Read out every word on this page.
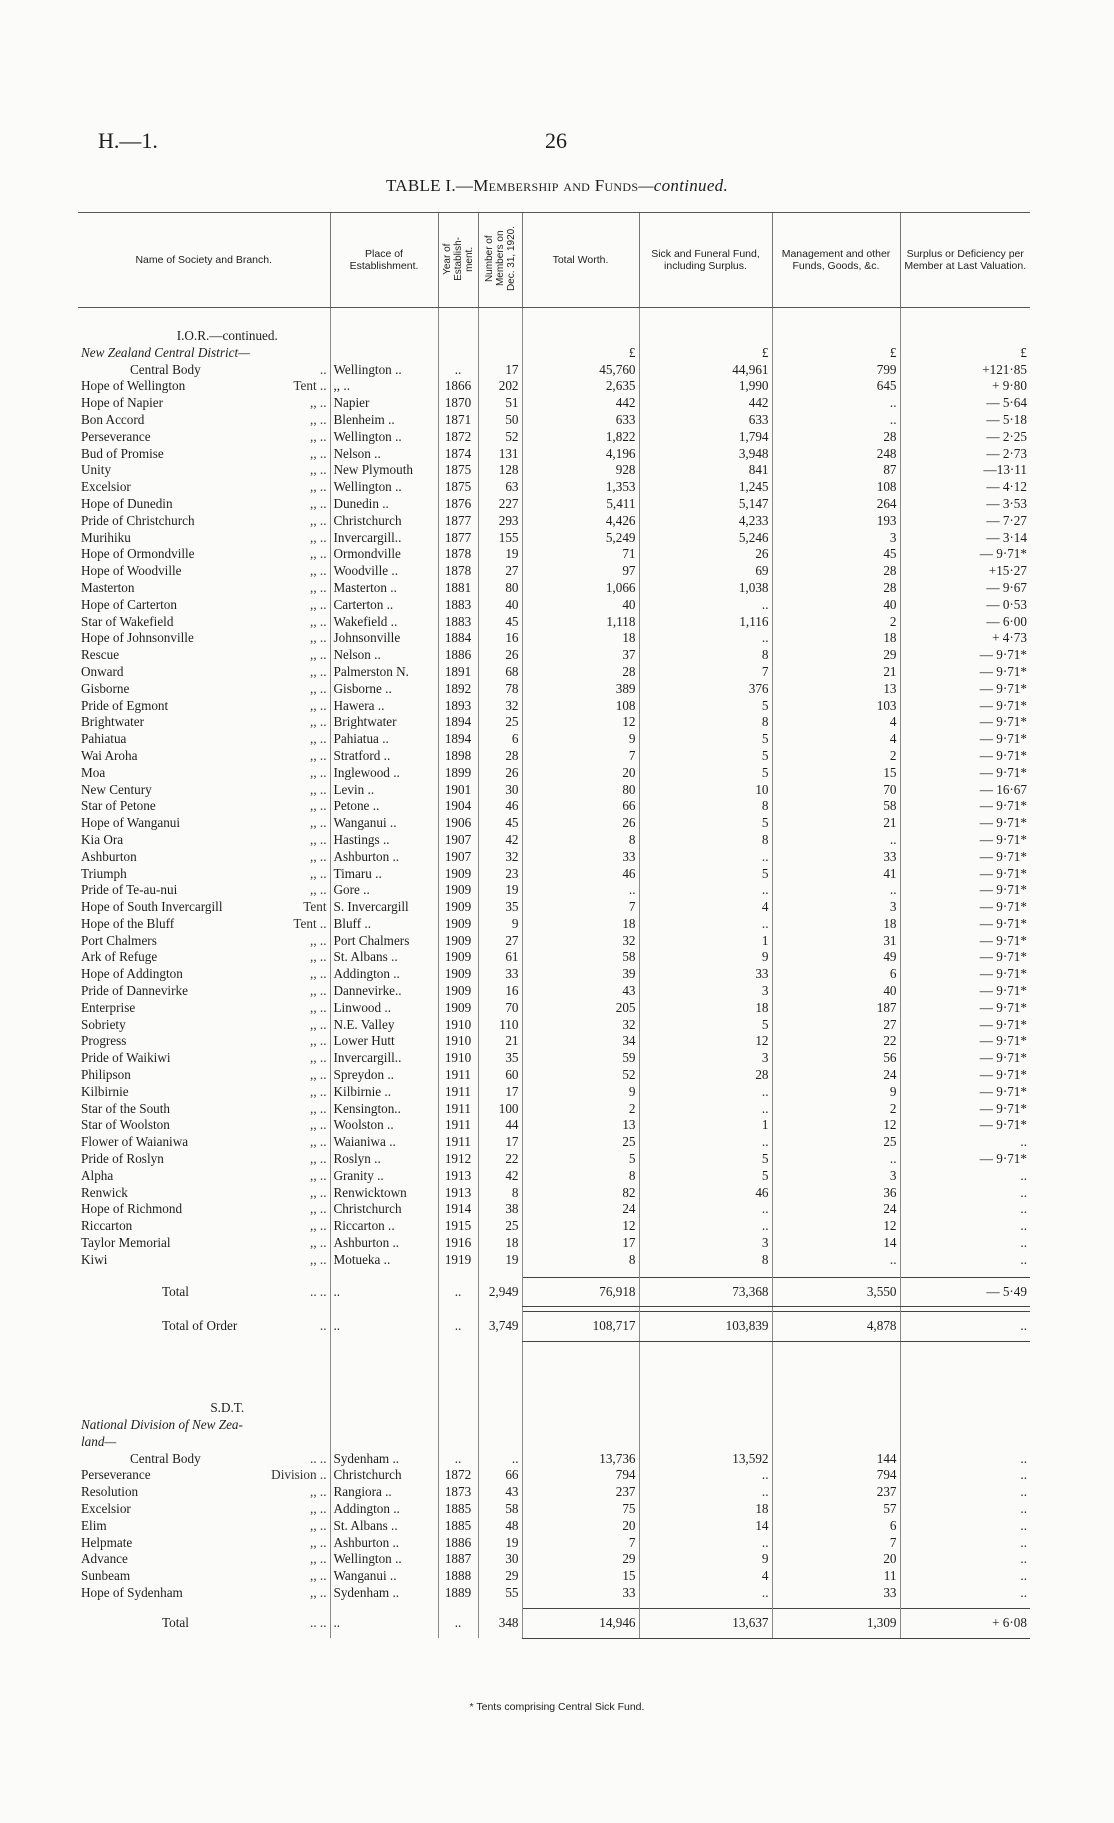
H.—1.	26
TABLE I.—Membership and Funds—continued.
Name of Society and Branch.	Place of Establishment.	Year of
Establish-
ment.	Number of
Members on
Dec. 31, 1920.	Total Worth.	Sick and Funeral Fund, including Surplus.	Management and other Funds, Goods, &c.	Surplus or Deficiency per Member at Last Valuation.

I.O.R.—continued.							
New Zealand Central District—				£	£	£	£
Central Body ..	Wellington ..	..	17	45,760	44,961	799	+121·85
Hope of Wellington Tent ..	,, ..	1866	202	2,635	1,990	645	+ 9·80
Hope of Napier ,, ..	Napier	1870	51	442	442	..	— 5·64
Bon Accord ,, ..	Blenheim ..	1871	50	633	633	..	— 5·18
Perseverance ,, ..	Wellington ..	1872	52	1,822	1,794	28	— 2·25
Bud of Promise ,, ..	Nelson ..	1874	131	4,196	3,948	248	— 2·73
Unity ,, ..	New Plymouth	1875	128	928	841	87	—13·11
Excelsior ,, ..	Wellington ..	1875	63	1,353	1,245	108	— 4·12
Hope of Dunedin ,, ..	Dunedin ..	1876	227	5,411	5,147	264	— 3·53
Pride of Christchurch ,, ..	Christchurch	1877	293	4,426	4,233	193	— 7·27
Murihiku ,, ..	Invercargill..	1877	155	5,249	5,246	3	— 3·14
Hope of Ormondville ,, ..	Ormondville	1878	19	71	26	45	— 9·71*
Hope of Woodville ,, ..	Woodville ..	1878	27	97	69	28	+15·27
Masterton ,, ..	Masterton ..	1881	80	1,066	1,038	28	— 9·67
Hope of Carterton ,, ..	Carterton ..	1883	40	40	..	40	— 0·53
Star of Wakefield ,, ..	Wakefield ..	1883	45	1,118	1,116	2	— 6·00
Hope of Johnsonville ,, ..	Johnsonville	1884	16	18	..	18	+ 4·73
Rescue ,, ..	Nelson ..	1886	26	37	8	29	— 9·71*
Onward ,, ..	Palmerston N.	1891	68	28	7	21	— 9·71*
Gisborne ,, ..	Gisborne ..	1892	78	389	376	13	— 9·71*
Pride of Egmont ,, ..	Hawera ..	1893	32	108	5	103	— 9·71*
Brightwater ,, ..	Brightwater	1894	25	12	8	4	— 9·71*
Pahiatua ,, ..	Pahiatua ..	1894	6	9	5	4	— 9·71*
Wai Aroha ,, ..	Stratford ..	1898	28	7	5	2	— 9·71*
Moa ,, ..	Inglewood ..	1899	26	20	5	15	— 9·71*
New Century ,, ..	Levin ..	1901	30	80	10	70	— 16·67
Star of Petone ,, ..	Petone ..	1904	46	66	8	58	— 9·71*
Hope of Wanganui ,, ..	Wanganui ..	1906	45	26	5	21	— 9·71*
Kia Ora ,, ..	Hastings ..	1907	42	8	8	..	— 9·71*
Ashburton ,, ..	Ashburton ..	1907	32	33	..	33	— 9·71*
Triumph ,, ..	Timaru ..	1909	23	46	5	41	— 9·71*
Pride of Te-au-nui ,, ..	Gore ..	1909	19	..	..	..	— 9·71*
Hope of South Invercargill Tent	S. Invercargill	1909	35	7	4	3	— 9·71*
Hope of the Bluff Tent ..	Bluff ..	1909	9	18	..	18	— 9·71*
Port Chalmers ,, ..	Port Chalmers	1909	27	32	1	31	— 9·71*
Ark of Refuge ,, ..	St. Albans ..	1909	61	58	9	49	— 9·71*
Hope of Addington ,, ..	Addington ..	1909	33	39	33	6	— 9·71*
Pride of Dannevirke ,, ..	Dannevirke..	1909	16	43	3	40	— 9·71*
Enterprise ,, ..	Linwood ..	1909	70	205	18	187	— 9·71*
Sobriety ,, ..	N.E. Valley	1910	110	32	5	27	— 9·71*
Progress ,, ..	Lower Hutt	1910	21	34	12	22	— 9·71*
Pride of Waikiwi ,, ..	Invercargill..	1910	35	59	3	56	— 9·71*
Philipson ,, ..	Spreydon ..	1911	60	52	28	24	— 9·71*
Kilbirnie ,, ..	Kilbirnie ..	1911	17	9	..	9	— 9·71*
Star of the South ,, ..	Kensington..	1911	100	2	..	2	— 9·71*
Star of Woolston ,, ..	Woolston ..	1911	44	13	1	12	— 9·71*
Flower of Waianiwa ,, ..	Waianiwa ..	1911	17	25	..	25	..
Pride of Roslyn ,, ..	Roslyn ..	1912	22	5	5	..	— 9·71*
Alpha ,, ..	Granity ..	1913	42	8	5	3	..
Renwick ,, ..	Renwicktown	1913	8	82	46	36	..
Hope of Richmond ,, ..	Christchurch	1914	38	24	..	24	..
Riccarton ,, ..	Riccarton ..	1915	25	12	..	12	..
Taylor Memorial ,, ..	Ashburton ..	1916	18	17	3	14	..
Kiwi ,, ..	Motueka ..	1919	19	8	8	..	..

Total .. ..	..	..	2,949	76,918	73,368	3,550	— 5·49

Total of Order ..	..	..	3,749	108,717	103,839	4,878	..

S.D.T.							
National Division of New Zea-							
land—							
Central Body .. ..	Sydenham ..	..	..	13,736	13,592	144	..
Perseverance Division ..	Christchurch	1872	66	794	..	794	..
Resolution ,, ..	Rangiora ..	1873	43	237	..	237	..
Excelsior ,, ..	Addington ..	1885	58	75	18	57	..
Elim ,, ..	St. Albans ..	1885	48	20	14	6	..
Helpmate ,, ..	Ashburton ..	1886	19	7	..	7	..
Advance ,, ..	Wellington ..	1887	30	29	9	20	..
Sunbeam ,, ..	Wanganui ..	1888	29	15	4	11	..
Hope of Sydenham ,, ..	Sydenham ..	1889	55	33	..	33	..

Total .. ..	..	..	348	14,946	13,637	1,309	+ 6·08
* Tents comprising Central Sick Fund.
